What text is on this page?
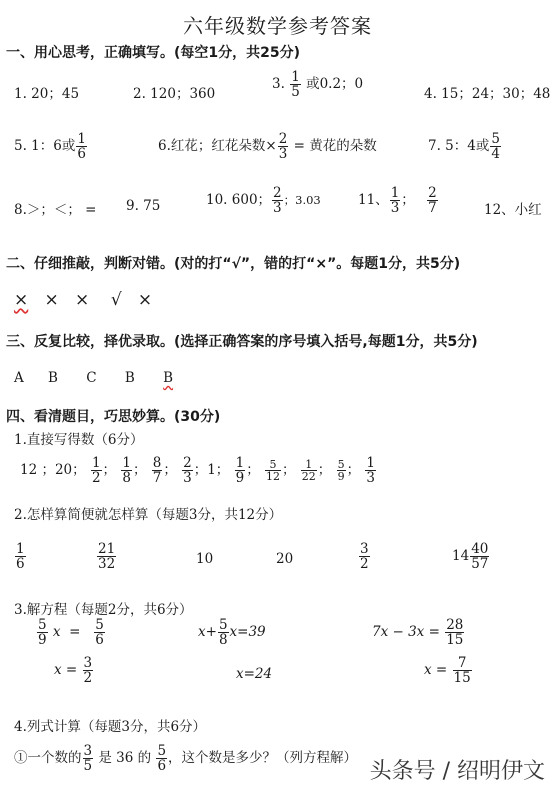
六年级数学参考答案
一、用心思考，正确填写。(每空1分，共25分)
1. 20；45	2. 120；360
3. $\frac{1}{5}$ 或0.2；0
4. 15；24；30；48
5. 1：6或 $\frac{1}{6}$	6.红花；红花朵数× $\frac{2}{3}$ = 黄花的朵数	7. 5：4或 $\frac{5}{4}$
8.＞；＜； = 9. 75	10. 600； $\frac{2}{3}$ ；3.03	11、 $\frac{1}{3}$ ； $\frac{2}{7}$	12、小红
二、仔细推敲，判断对错。(对的打“√”，错的打“×”。每题1分，共5分)
× × × √ ×
三、反复比较，择优录取。(选择正确答案的序号填入括号,每题1分，共5分)
A B C B B
四、看清题目，巧思妙算。(30分)
1.直接写得数（6分）
12 ；20； $\frac{1}{2}$ ； $\frac{1}{8}$ ； $\frac{8}{7}$ ； $\frac{2}{3}$ ；1； $\frac{1}{9}$ ； $\frac{5}{12}$ ； $\frac{1}{22}$ ； $\frac{5}{9}$ ； $\frac{1}{3}$
2.怎样算简便就怎样算（每题3分，共12分）
$\frac{1}{6}$	$\frac{21}{32}$	10	20	$\frac{3}{2}$	$14 \frac{40}{57}$
3.解方程（每题2分，共6分）
$\frac{5}{9}$ $x = \frac{5}{6}$	$x+ \frac{5}{8} x=39$	$7x - 3x = \frac{28}{15}$
$x = \frac{3}{2}$	x=24	$x = \frac{7}{15}$
4.列式计算（每题3分，共6分）
①一个数的 $\frac{3}{5}$ 是 36 的 $\frac{5}{6}$ ，这个数是多少？（列方程解）
头条号 / 绍明伊文
